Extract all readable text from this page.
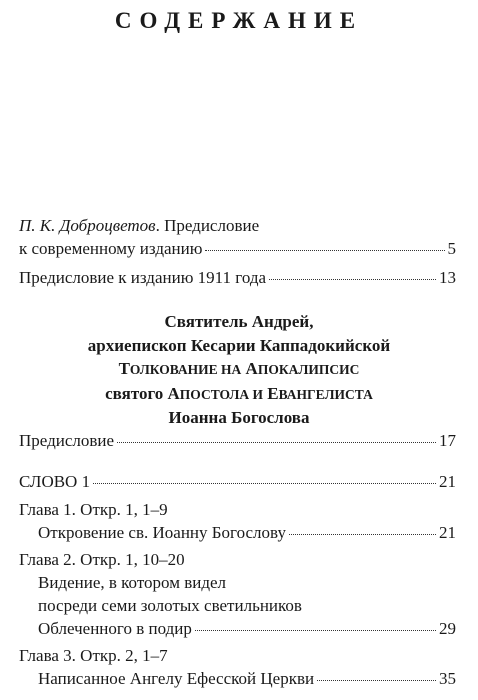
СОДЕРЖАНИЕ
П. К. Доброцветов. Предисловие
к современному изданию	5
Предисловие к изданию 1911 года	13
Святитель Андрей,
архиепископ Кесарии Каппадокийской
ТОЛКОВАНИЕ НА АПОКАЛИПСИС
святого АПОСТОЛА И ЕВАНГЕЛИСТА
Иоанна Богослова
Предисловие	17
СЛОВО 1	21
Глава 1. Откр. 1, 1–9
Откровение св. Иоанну Богослову	21
Глава 2. Откр. 1, 10–20
Видение, в котором видел
посреди семи золотых светильников
Облеченного в подир	29
Глава 3. Откр. 2, 1–7
Написанное Ангелу Ефесской Церкви	35
